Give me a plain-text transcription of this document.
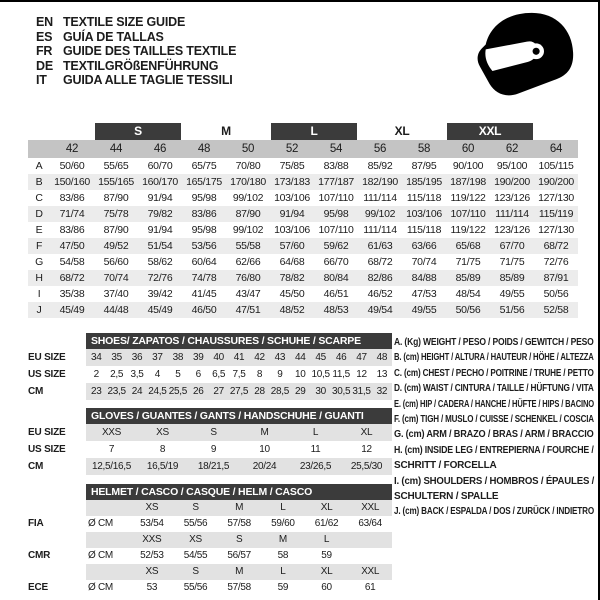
EN TEXTILE SIZE GUIDE
ES GUÍA DE TALLAS
FR GUIDE DES TAILLES TEXTILE
DE TEXTILGRÖßENFÜHRUNG
IT	GUIDA ALLE TAGLIE TESSILI

		S		M		L		XL		XXL		

	42	44	46	48	50	52	54	56	58	60	62	64
A	50/60	55/65	60/70	65/75	70/80	75/85	83/88	85/92	87/95	90/100	95/100	105/115
B	150/160	155/165	160/170	165/175	170/180	173/183	177/187	182/190	185/195	187/198	190/200	190/200
C	83/86	87/90	91/94	95/98	99/102	103/106	107/110	111/114	115/118	119/122	123/126	127/130
D	71/74	75/78	79/82	83/86	87/90	91/94	95/98	99/102	103/106	107/110	111/114	115/119
E	83/86	87/90	91/94	95/98	99/102	103/106	107/110	111/114	115/118	119/122	123/126	127/130
F	47/50	49/52	51/54	53/56	55/58	57/60	59/62	61/63	63/66	65/68	67/70	68/72
G	54/58	56/60	58/62	60/64	62/66	64/68	66/70	68/72	70/74	71/75	71/75	72/76
H	68/72	70/74	72/76	74/78	76/80	78/82	80/84	82/86	84/88	85/89	85/89	87/91
I	35/38	37/40	39/42	41/45	43/47	45/50	46/51	46/52	47/53	48/54	49/55	50/56
J	45/49	44/48	45/49	46/50	47/51	48/52	48/53	49/54	49/55	50/56	51/56	52/58
SHOES/ ZAPATOS / CHAUSSURES / SCHUHE / SCARPE
EU SIZE	34 35 36 37 38 39 40 41 42 43 44 45 46 47 48
US SIZE	2	2,5 3,5	4	5	6	6,5 7,5	8	9	10 10,5 11,5 12 13
CM	23 23,5 24 24,5 25,5 26 27 27,5 28 28,5 29 30 30,5 31,5 32
GLOVES / GUANTES / GANTS / HANDSCHUHE / GUANTI
EU SIZE	XXS	XS	S	M	L	XL
US SIZE	7	8	9	10	11	12
CM	12,5/16,5	16,5/19	18/21,5	20/24	23/26,5	25,5/30
HELMET / CASCO / CASQUE / HELM / CASCO
XS	S	M	L	XL	XXL
FIA	Ø CM	53/54	55/56	57/58	59/60	61/62	63/64
XXS	XS	S	M	L
CMR	Ø CM	52/53	54/55	56/57	58	59
XS	S	M	L	XL	XXL
ECE	Ø CM	53	55/56	57/58	59	60	61
A. (Kg) WEIGHT / PESO / POIDS / GEWITCH / PESO
B. (cm) HEIGHT / ALTURA / HAUTEUR / HÖHE / ALTEZZA
C. (cm) CHEST / PECHO / POITRINE / TRUHE / PETTO
D. (cm) WAIST / CINTURA / TAILLE / HÜFTUNG / VITA
E. (cm) HIP / CADERA / HANCHE / HÜFTE / HIPS / BACINO
F. (cm) TIGH / MUSLO / CUISSE / SCHENKEL / COSCIA
G. (cm) ARM / BRAZO / BRAS / ARM / BRACCIO
H. (cm) INSIDE LEG / ENTREPIERNA / FOURCHE /
SCHRITT / FORCELLA
I. (cm) SHOULDERS / HOMBROS / ÉPAULES /
SCHULTERN / SPALLE
J. (cm) BACK / ESPALDA / DOS / ZURÜCK / INDIETRO
